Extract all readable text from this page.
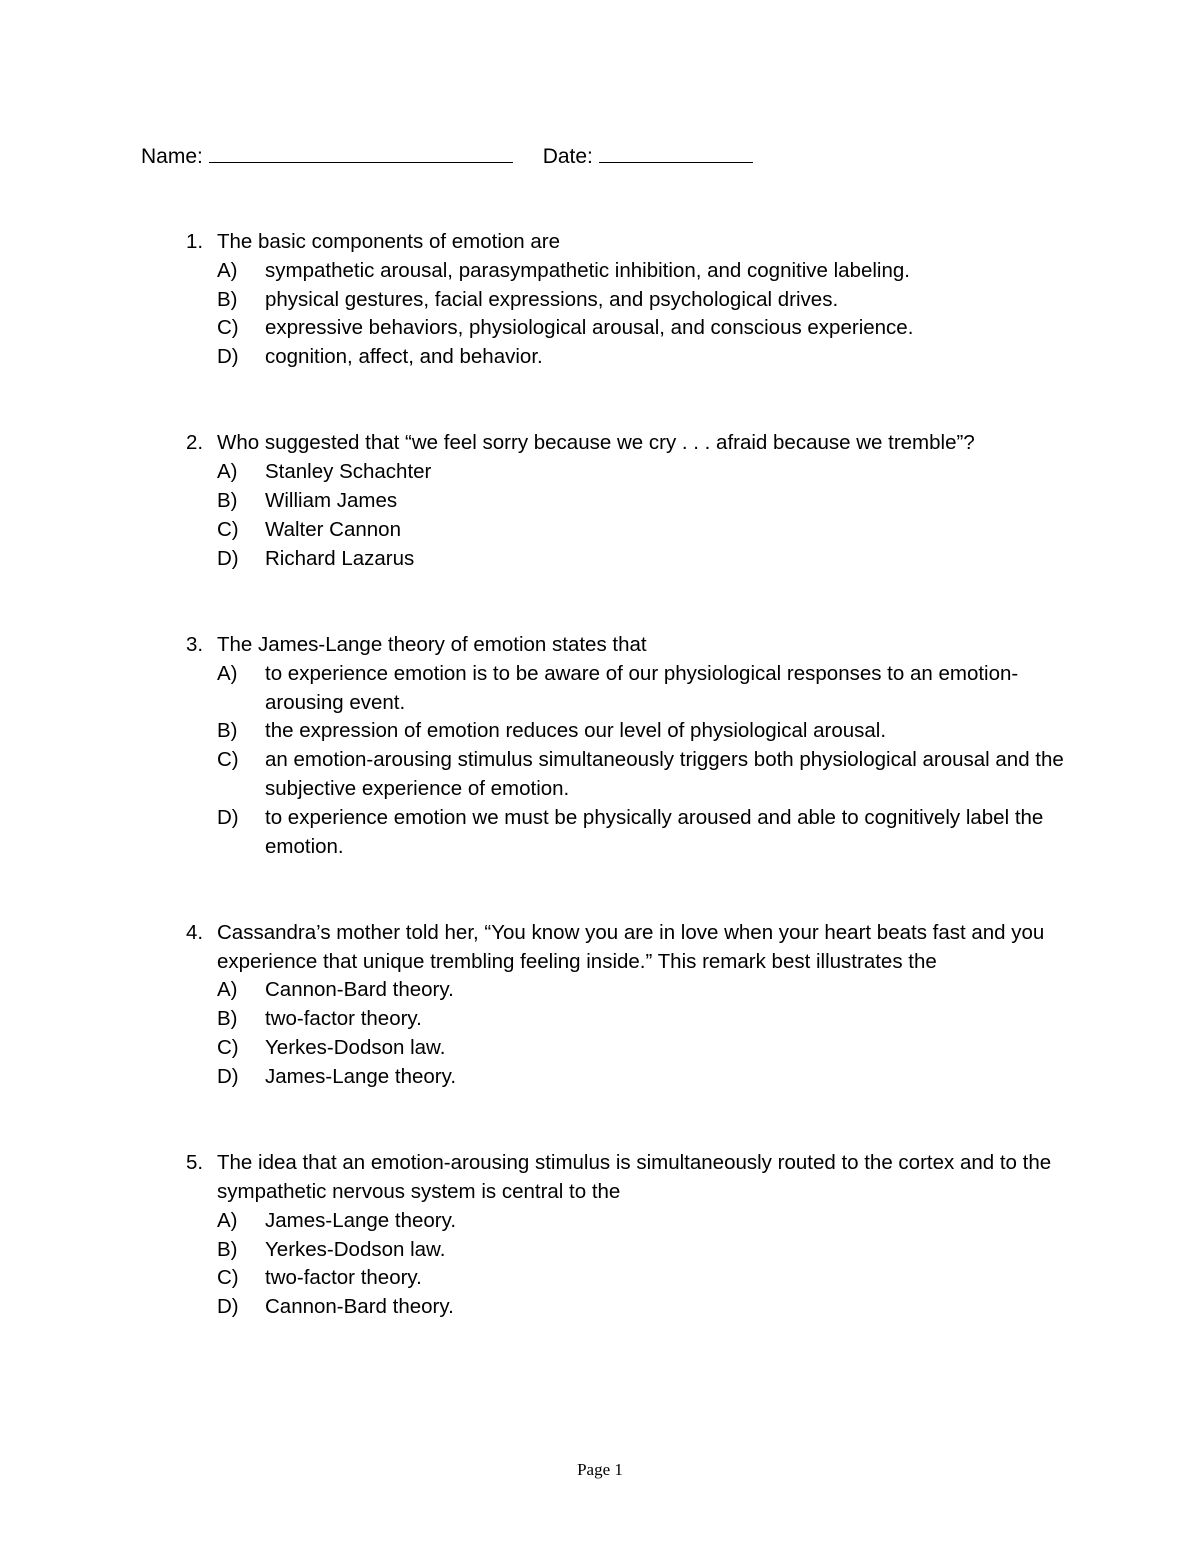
Name:	Date:
1. The basic components of emotion are
A)	sympathetic arousal, parasympathetic inhibition, and cognitive labeling.
B)	physical gestures, facial expressions, and psychological drives.
C)	expressive behaviors, physiological arousal, and conscious experience.
D)	cognition, affect, and behavior.
2. Who suggested that “we feel sorry because we cry . . . afraid because we tremble”?
A)	Stanley Schachter
B)	William James
C)	Walter Cannon
D)	Richard Lazarus
3. The James-Lange theory of emotion states that
A)	to experience emotion is to be aware of our physiological responses to an emotion-arousing event.
B)	the expression of emotion reduces our level of physiological arousal.
C)	an emotion-arousing stimulus simultaneously triggers both physiological arousal and the subjective experience of emotion.
D)	to experience emotion we must be physically aroused and able to cognitively label the emotion.
4. Cassandra’s mother told her, “You know you are in love when your heart beats fast and you experience that unique trembling feeling inside.” This remark best illustrates the
A)	Cannon-Bard theory.
B)	two-factor theory.
C)	Yerkes-Dodson law.
D)	James-Lange theory.
5. The idea that an emotion-arousing stimulus is simultaneously routed to the cortex and to the sympathetic nervous system is central to the
A)	James-Lange theory.
B)	Yerkes-Dodson law.
C)	two-factor theory.
D)	Cannon-Bard theory.
Page 1
